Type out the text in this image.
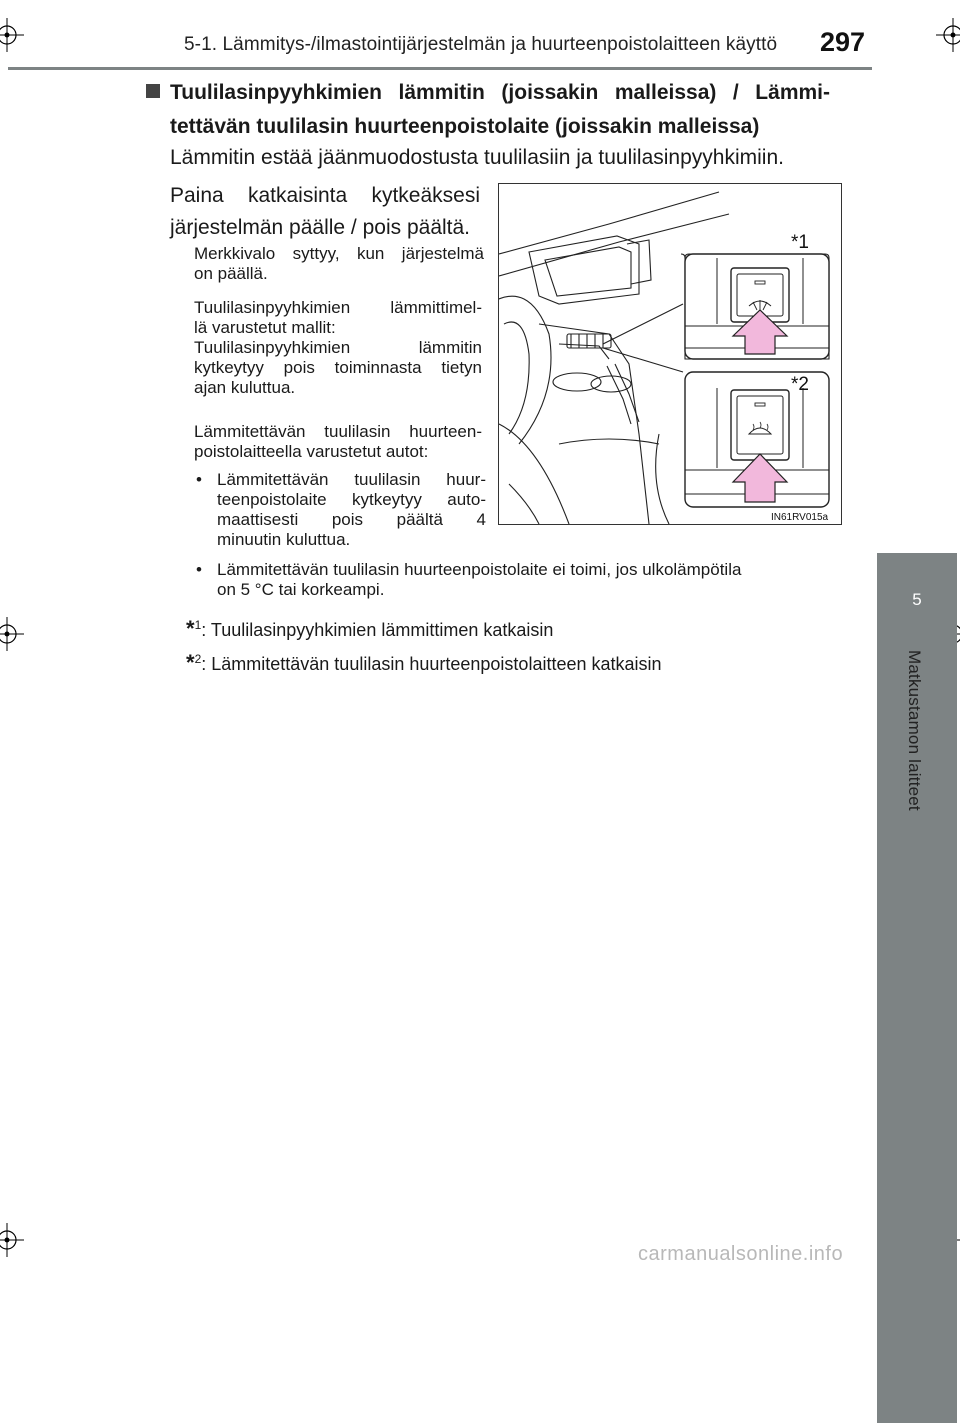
5-1. Lämmitys-/ilmastointijärjestelmän ja huurteenpoistolaitteen käyttö 297
5
Matkustamon laitteet
Tuulilasinpyyhkimien lämmitin (joissakin malleissa) / Lämmi-
tettävän tuulilasin huurteenpoistolaite (joissakin malleissa)
Lämmitin estää jäänmuodostusta tuulilasiin ja tuulilasinpyyhkimiin.
Paina katkaisinta kytkeäksesi
järjestelmän päälle / pois päältä.
Merkkivalo syttyy, kun järjestelmä
on päällä.
Tuulilasinpyyhkimien lämmittimel-
lä varustetut mallit:
Tuulilasinpyyhkimien lämmitin
kytkeytyy pois toiminnasta tietyn
ajan kuluttua.
Lämmitettävän tuulilasin huurteen-
poistolaitteella varustetut autot:
• Lämmitettävän tuulilasin huur-
teenpoistolaite kytkeytyy auto-
maattisesti pois päältä 4
minuutin kuluttua.
• Lämmitettävän tuulilasin huurteenpoistolaite ei toimi, jos ulkolämpötila
on 5 °C tai korkeampi.
*$^1$: Tuulilasinpyyhkimien lämmittimen katkaisin
*$^2$: Lämmitettävän tuulilasin huurteenpoistolaitteen katkaisin
*1
*2
IN61RV015a
carmanualsonline.info
